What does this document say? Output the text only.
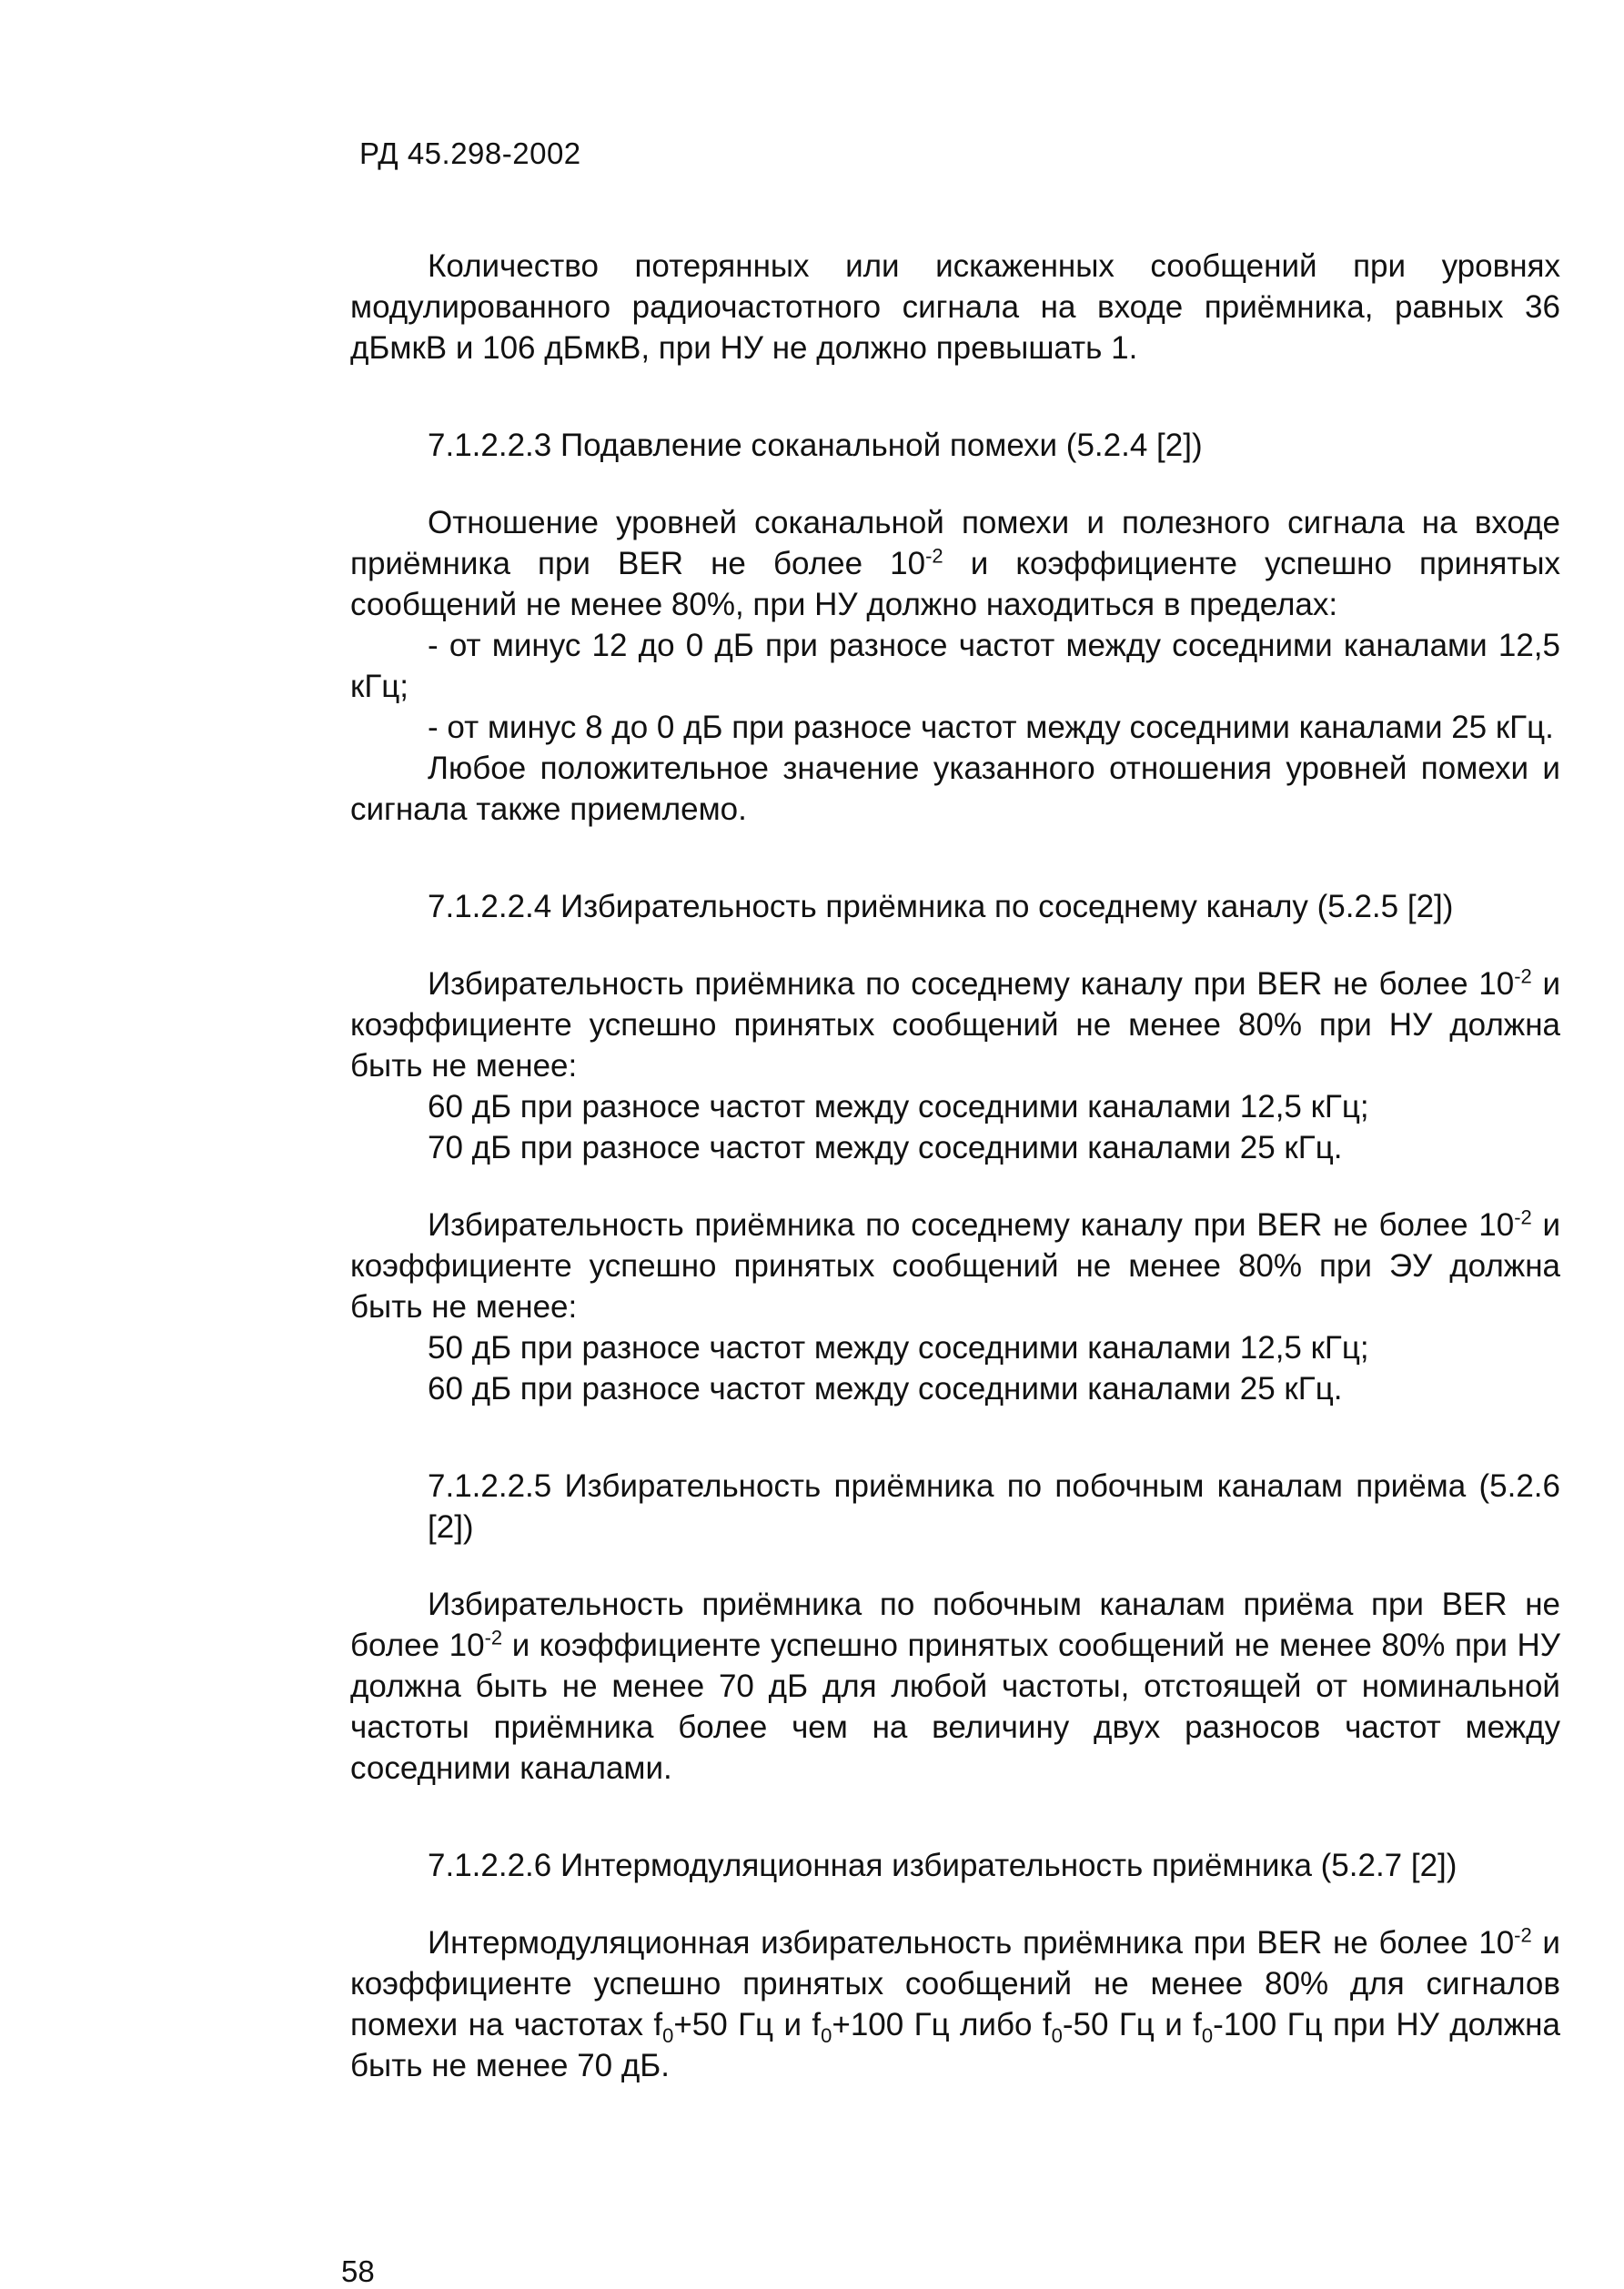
РД 45.298-2002

Количество потерянных или искаженных сообщений при уровнях модулированного радиочастотного сигнала на входе приёмника, равных 36 дБмкВ и 106 дБмкВ, при НУ не должно превышать 1.

7.1.2.2.3 Подавление соканальной помехи (5.2.4 [2])

Отношение уровней соканальной помехи и полезного сигнала на входе приёмника при BER не более $10^{-2}$ и коэффициенте успешно принятых сообщений не менее 80%, при НУ должно находиться в пределах:

- от минус 12 до 0 дБ при разносе частот между соседними каналами 12,5 кГц;

- от минус 8 до 0 дБ при разносе частот между соседними каналами 25 кГц.

Любое положительное значение указанного отношения уровней помехи и сигнала также приемлемо.

7.1.2.2.4 Избирательность приёмника по соседнему каналу (5.2.5 [2])

Избирательность приёмника по соседнему каналу при BER не более $10^{-2}$ и коэффициенте успешно принятых сообщений не менее 80% при НУ должна быть не менее:

60 дБ при разносе частот между соседними каналами 12,5 кГц;

70 дБ при разносе частот между соседними каналами 25 кГц.

Избирательность приёмника по соседнему каналу при BER не более $10^{-2}$ и коэффициенте успешно принятых сообщений не менее 80% при ЭУ должна быть не менее:

50 дБ при разносе частот между соседними каналами 12,5 кГц;

60 дБ при разносе частот между соседними каналами 25 кГц.

7.1.2.2.5 Избирательность приёмника по побочным каналам приёма (5.2.6 [2])

Избирательность приёмника по побочным каналам приёма при BER не более $10^{-2}$ и коэффициенте успешно принятых сообщений не менее 80% при НУ должна быть не менее 70 дБ для любой частоты, отстоящей от номинальной частоты приёмника более чем на величину двух разносов частот между соседними каналами.

7.1.2.2.6 Интермодуляционная избирательность приёмника (5.2.7 [2])

Интермодуляционная избирательность приёмника при BER не более $10^{-2}$ и коэффициенте успешно принятых сообщений не менее 80% для сигналов помехи на частотах $f_0+50$ Гц и $f_0+100$ Гц либо $f_0-50$ Гц и $f_0-100$ Гц при НУ должна быть не менее 70 дБ.

58
